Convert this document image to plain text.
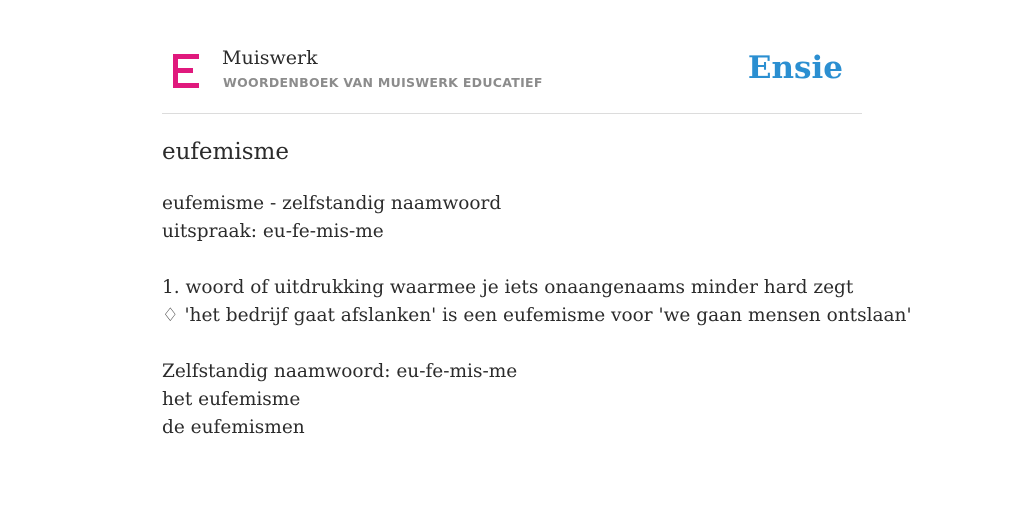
Muiswerk
WOORDENBOEK VAN MUISWERK EDUCATIEF	Ensie
eufemisme
eufemisme - zelfstandig naamwoord
uitspraak: eu-fe-mis-me
1. woord of uitdrukking waarmee je iets onaangenaams minder hard zegt
♢ 'het bedrijf gaat afslanken' is een eufemisme voor 'we gaan mensen ontslaan'
Zelfstandig naamwoord: eu-fe-mis-me
het eufemisme
de eufemismen
